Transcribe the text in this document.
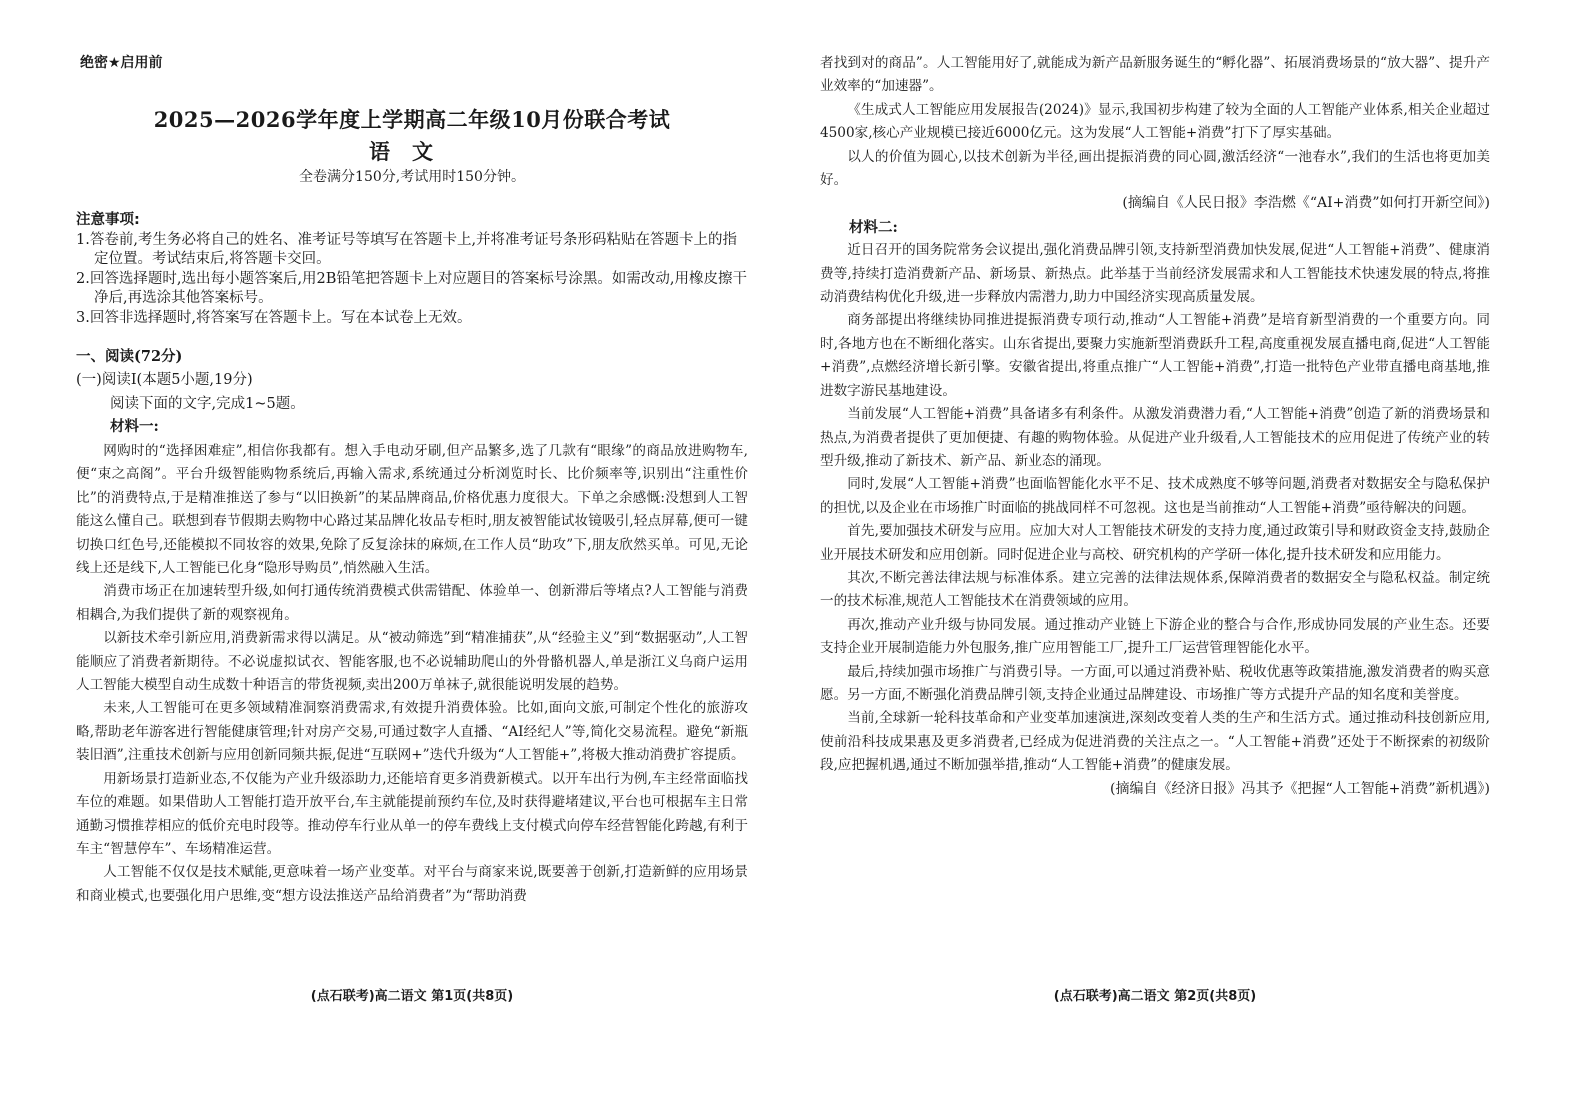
绝密★启用前
2025—2026学年度上学期高二年级10月份联合考试
语文
全卷满分150分,考试用时150分钟。
注意事项:
1.答卷前,考生务必将自己的姓名、准考证号等填写在答题卡上,并将准考证号条形码粘贴在答题卡上的指定位置。考试结束后,将答题卡交回。
2.回答选择题时,选出每小题答案后,用2B铅笔把答题卡上对应题目的答案标号涂黑。如需改动,用橡皮擦干净后,再选涂其他答案标号。
3.回答非选择题时,将答案写在答题卡上。写在本试卷上无效。
一、阅读(72分)
(一)阅读Ⅰ(本题5小题,19分)
阅读下面的文字,完成1~5题。
材料一:

网购时的“选择困难症”,相信你我都有。想入手电动牙刷,但产品繁多,选了几款有“眼缘”的商品放进购物车,便“束之高阁”。平台升级智能购物系统后,再输入需求,系统通过分析浏览时长、比价频率等,识别出“注重性价比”的消费特点,于是精准推送了参与“以旧换新”的某品牌商品,价格优惠力度很大。下单之余感慨:没想到人工智能这么懂自己。联想到春节假期去购物中心路过某品牌化妆品专柜时,朋友被智能试妆镜吸引,轻点屏幕,便可一键切换口红色号,还能模拟不同妆容的效果,免除了反复涂抹的麻烦,在工作人员“助攻”下,朋友欣然买单。可见,无论线上还是线下,人工智能已化身“隐形导购员”,悄然融入生活。

消费市场正在加速转型升级,如何打通传统消费模式供需错配、体验单一、创新滞后等堵点?人工智能与消费相耦合,为我们提供了新的观察视角。

以新技术牵引新应用,消费新需求得以满足。从“被动筛选”到“精准捕获”,从“经验主义”到“数据驱动”,人工智能顺应了消费者新期待。不必说虚拟试衣、智能客服,也不必说辅助爬山的外骨骼机器人,单是浙江义乌商户运用人工智能大模型自动生成数十种语言的带货视频,卖出200万单袜子,就很能说明发展的趋势。

未来,人工智能可在更多领域精准洞察消费需求,有效提升消费体验。比如,面向文旅,可制定个性化的旅游攻略,帮助老年游客进行智能健康管理;针对房产交易,可通过数字人直播、“AI经纪人”等,简化交易流程。避免“新瓶装旧酒”,注重技术创新与应用创新同频共振,促进“互联网+”迭代升级为“人工智能+”,将极大推动消费扩容提质。

用新场景打造新业态,不仅能为产业升级添助力,还能培育更多消费新模式。以开车出行为例,车主经常面临找车位的难题。如果借助人工智能打造开放平台,车主就能提前预约车位,及时获得避堵建议,平台也可根据车主日常通勤习惯推荐相应的低价充电时段等。推动停车行业从单一的停车费线上支付模式向停车经营智能化跨越,有利于车主“智慧停车”、车场精准运营。

人工智能不仅仅是技术赋能,更意味着一场产业变革。对平台与商家来说,既要善于创新,打造新鲜的应用场景和商业模式,也要强化用户思维,变“想方设法推送产品给消费者”为“帮助消费

(点石联考)高二语文 第1页(共8页)

者找到对的商品”。人工智能用好了,就能成为新产品新服务诞生的“孵化器”、拓展消费场景的“放大器”、提升产业效率的“加速器”。

《生成式人工智能应用发展报告(2024)》显示,我国初步构建了较为全面的人工智能产业体系,相关企业超过4500家,核心产业规模已接近6000亿元。这为发展“人工智能+消费”打下了厚实基础。

以人的价值为圆心,以技术创新为半径,画出提振消费的同心圆,激活经济“一池春水”,我们的生活也将更加美好。

(摘编自《人民日报》李浩燃《“AI+消费”如何打开新空间》)

材料二:

近日召开的国务院常务会议提出,强化消费品牌引领,支持新型消费加快发展,促进“人工智能+消费”、健康消费等,持续打造消费新产品、新场景、新热点。此举基于当前经济发展需求和人工智能技术快速发展的特点,将推动消费结构优化升级,进一步释放内需潜力,助力中国经济实现高质量发展。

商务部提出将继续协同推进提振消费专项行动,推动“人工智能+消费”是培育新型消费的一个重要方向。同时,各地方也在不断细化落实。山东省提出,要聚力实施新型消费跃升工程,高度重视发展直播电商,促进“人工智能+消费”,点燃经济增长新引擎。安徽省提出,将重点推广“人工智能+消费”,打造一批特色产业带直播电商基地,推进数字游民基地建设。

当前发展“人工智能+消费”具备诸多有利条件。从激发消费潜力看,“人工智能+消费”创造了新的消费场景和热点,为消费者提供了更加便捷、有趣的购物体验。从促进产业升级看,人工智能技术的应用促进了传统产业的转型升级,推动了新技术、新产品、新业态的涌现。

同时,发展“人工智能+消费”也面临智能化水平不足、技术成熟度不够等问题,消费者对数据安全与隐私保护的担忧,以及企业在市场推广时面临的挑战同样不可忽视。这也是当前推动“人工智能+消费”亟待解决的问题。

首先,要加强技术研发与应用。应加大对人工智能技术研发的支持力度,通过政策引导和财政资金支持,鼓励企业开展技术研发和应用创新。同时促进企业与高校、研究机构的产学研一体化,提升技术研发和应用能力。

其次,不断完善法律法规与标准体系。建立完善的法律法规体系,保障消费者的数据安全与隐私权益。制定统一的技术标准,规范人工智能技术在消费领域的应用。

再次,推动产业升级与协同发展。通过推动产业链上下游企业的整合与合作,形成协同发展的产业生态。还要支持企业开展制造能力外包服务,推广应用智能工厂,提升工厂运营管理智能化水平。

最后,持续加强市场推广与消费引导。一方面,可以通过消费补贴、税收优惠等政策措施,激发消费者的购买意愿。另一方面,不断强化消费品牌引领,支持企业通过品牌建设、市场推广等方式提升产品的知名度和美誉度。

当前,全球新一轮科技革命和产业变革加速演进,深刻改变着人类的生产和生活方式。通过推动科技创新应用,使前沿科技成果惠及更多消费者,已经成为促进消费的关注点之一。“人工智能+消费”还处于不断探索的初级阶段,应把握机遇,通过不断加强举措,推动“人工智能+消费”的健康发展。

(摘编自《经济日报》冯其予《把握“人工智能+消费”新机遇》)

(点石联考)高二语文 第2页(共8页)
